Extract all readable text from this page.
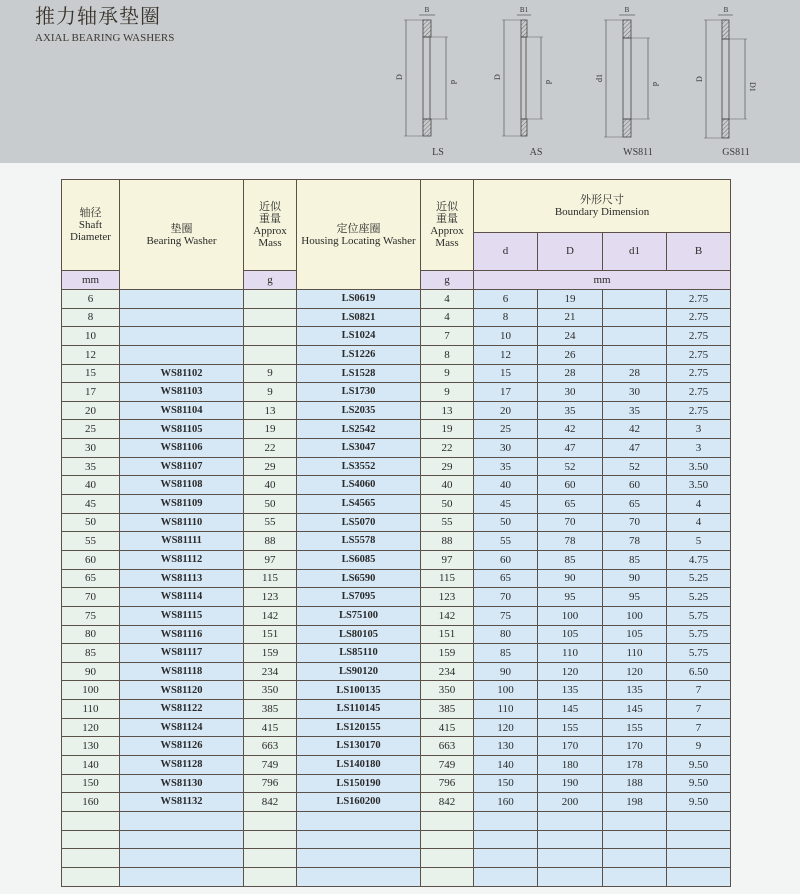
推力轴承垫圈
AXIAL BEARING WASHERS
B
D
d
LS
B1
D
d
AS
B
d1
d
WS811
B
D
D1
GS811
轴径
Shaft
Diameter	垫圈
Bearing Washer	近似
重量
Approx
Mass	定位座圈
Housing Locating Washer	近似
重量
Approx
Mass	外形尺寸
Boundary Dimension			

					d	D	d1	B
mm		g		g	mm			
6			LS0619	4	6	19		2.75
8			LS0821	4	8	21		2.75
10			LS1024	7	10	24		2.75
12			LS1226	8	12	26		2.75
15	WS81102	9	LS1528	9	15	28	28	2.75
17	WS81103	9	LS1730	9	17	30	30	2.75
20	WS81104	13	LS2035	13	20	35	35	2.75
25	WS81105	19	LS2542	19	25	42	42	3
30	WS81106	22	LS3047	22	30	47	47	3
35	WS81107	29	LS3552	29	35	52	52	3.50
40	WS81108	40	LS4060	40	40	60	60	3.50
45	WS81109	50	LS4565	50	45	65	65	4
50	WS81110	55	LS5070	55	50	70	70	4
55	WS81111	88	LS5578	88	55	78	78	5
60	WS81112	97	LS6085	97	60	85	85	4.75
65	WS81113	115	LS6590	115	65	90	90	5.25
70	WS81114	123	LS7095	123	70	95	95	5.25
75	WS81115	142	LS75100	142	75	100	100	5.75
80	WS81116	151	LS80105	151	80	105	105	5.75
85	WS81117	159	LS85110	159	85	110	110	5.75
90	WS81118	234	LS90120	234	90	120	120	6.50
100	WS81120	350	LS100135	350	100	135	135	7
110	WS81122	385	LS110145	385	110	145	145	7
120	WS81124	415	LS120155	415	120	155	155	7
130	WS81126	663	LS130170	663	130	170	170	9
140	WS81128	749	LS140180	749	140	180	178	9.50
150	WS81130	796	LS150190	796	150	190	188	9.50
160	WS81132	842	LS160200	842	160	200	198	9.50
